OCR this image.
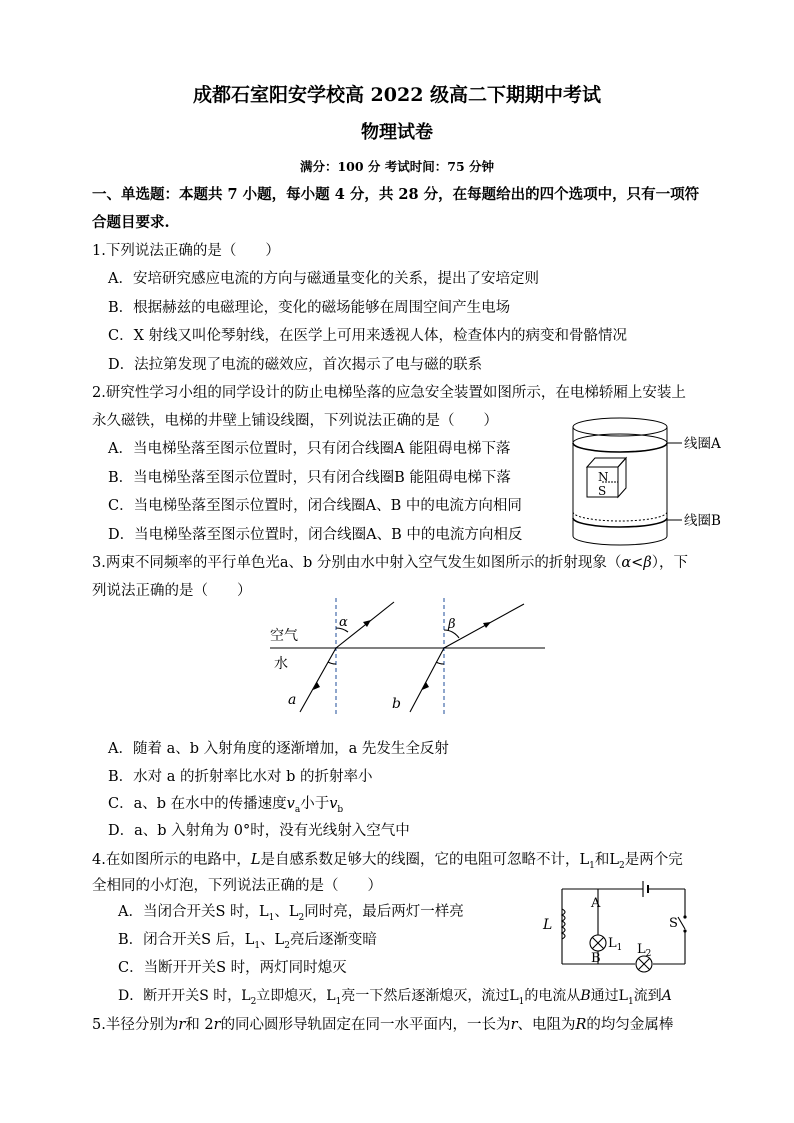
成都石室阳安学校高 2022 级高二下期期中考试
物理试卷
满分：100 分 考试时间：75 分钟
一、单选题：本题共 7 小题，每小题 4 分，共 28 分，在每题给出的四个选项中，只有一项符
合题目要求.
1.下列说法正确的是（　　）
A．安培研究感应电流的方向与磁通量变化的关系，提出了安培定则
B．根据赫兹的电磁理论，变化的磁场能够在周围空间产生电场
C．X 射线又叫伦琴射线，在医学上可用来透视人体，检查体内的病变和骨骼情况
D．法拉第发现了电流的磁效应，首次揭示了电与磁的联系
2.研究性学习小组的同学设计的防止电梯坠落的应急安全装置如图所示，在电梯轿厢上安装上
永久磁铁，电梯的井壁上铺设线圈，下列说法正确的是（　　）
A．当电梯坠落至图示位置时，只有闭合线圈A 能阻碍电梯下落
B．当电梯坠落至图示位置时，只有闭合线圈B 能阻碍电梯下落
C．当电梯坠落至图示位置时，闭合线圈A、B 中的电流方向相同
D．当电梯坠落至图示位置时，闭合线圈A、B 中的电流方向相反
N
S
线圈A
线圈B
3.两束不同频率的平行单色光a、b 分别由水中射入空气发生如图所示的折射现象（α<β），下
列说法正确的是（　　）
空气
水
α	β
a	b
A．随着 a、b 入射角度的逐渐增加，a 先发生全反射
B．水对 a 的折射率比水对 b 的折射率小
C．a、b 在水中的传播速度$v_a$小于$v_b$
D．a、b 入射角为 0°时，没有光线射入空气中
4.在如图所示的电路中，L是自感系数足够大的线圈，它的电阻可忽略不计，$L_1$和$L_2$是两个完
全相同的小灯泡，下列说法正确的是（　　）
A．当闭合开关S 时，$L_1$、$L_2$同时亮，最后两灯一样亮
B．闭合开关S 后，$L_1$、$L_2$亮后逐渐变暗
C．当断开开关S 时，两灯同时熄灭
D．断开开关S 时，$L_2$立即熄灭，$L_1$亮一下然后逐渐熄灭，流过$L_1$的电流从B通过$L_1$流到A
L
A
B
$L_1$ $L_2$
S
5.半径分别为r和 2r的同心圆形导轨固定在同一水平面内，一长为r、电阻为R的均匀金属棒
